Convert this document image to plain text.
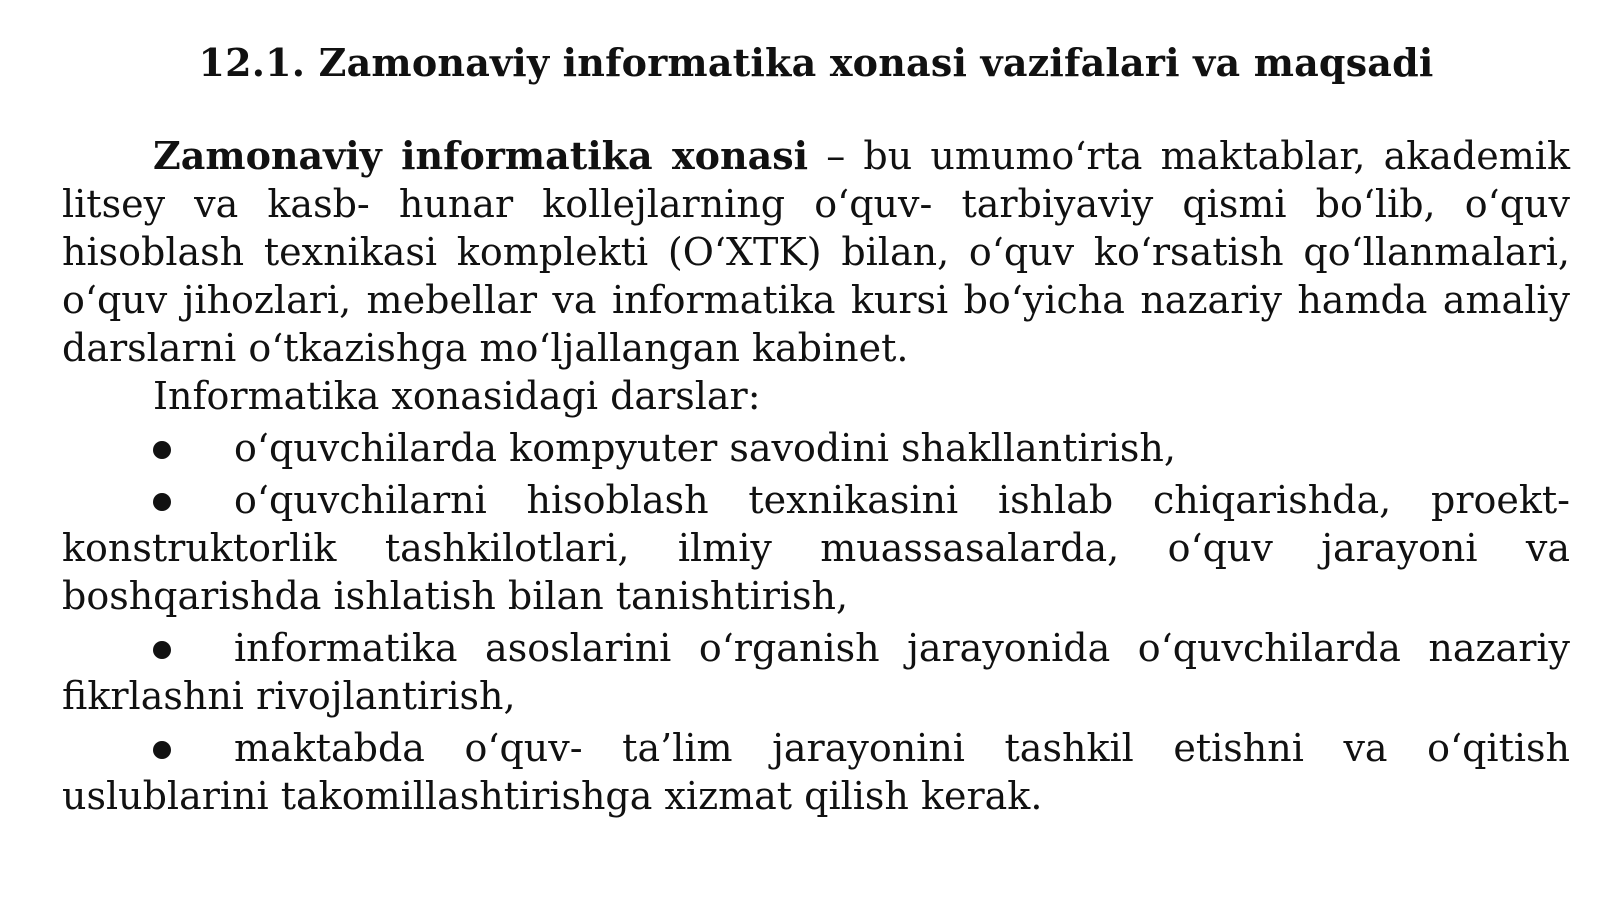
12.1. Zamonaviy informatika xonasi vazifalari va maqsadi

Zamonaviy informatika xonasi – bu umumo‘rta maktablar, akademik litsey va kasb- hunar kollejlarning o‘quv- tarbiyaviy qismi bo‘lib, o‘quv hisoblash texnikasi komplekti (O‘XTK) bilan, o‘quv ko‘rsatish qo‘llanmalari, o‘quv jihozlari, mebellar va informatika kursi bo‘yicha nazariy hamda amaliy darslarni o‘tkazishga mo‘ljallangan kabinet.

Informatika xonasidagi darslar:

o‘quvchilarda kompyuter savodini shakllantirish,
o‘quvchilarni hisoblash texnikasini ishlab chiqarishda, proekt-konstruktorlik tashkilotlari, ilmiy muassasalarda, o‘quv jarayoni va boshqarishda ishlatish bilan tanishtirish,
informatika asoslarini o‘rganish jarayonida o‘quvchilarda nazariy fikrlashni rivojlantirish,
maktabda o‘quv- ta’lim jarayonini tashkil etishni va o‘qitish uslublarini takomillashtirishga xizmat qilish kerak.
